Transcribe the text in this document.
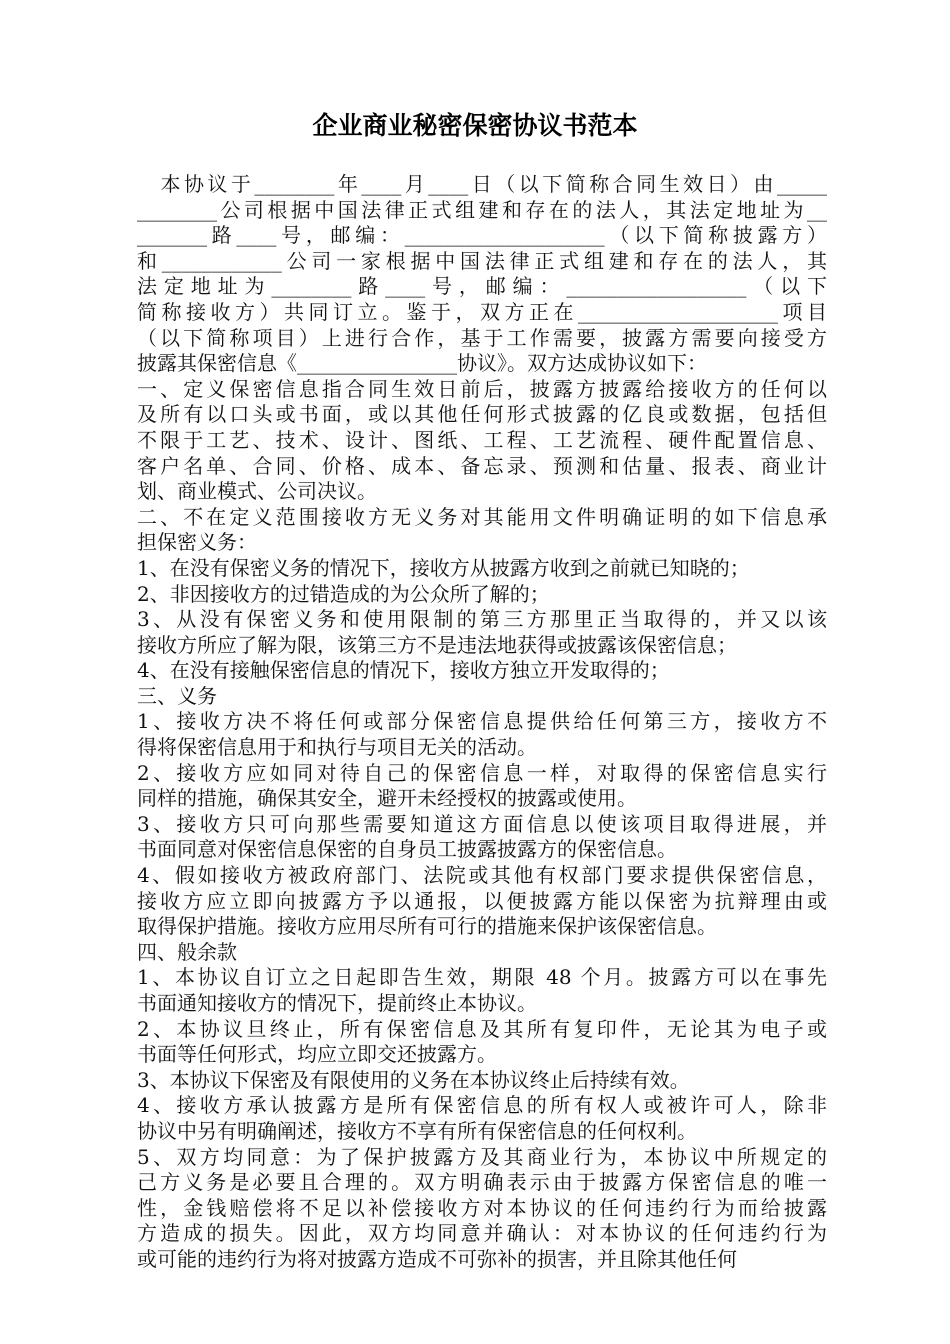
企业商业秘密保密协议书范本
　本协议于________年____月____日（以下简称合同生效日）由_____
________公司根据中国法律正式组建和存在的法人，其法定地址为__
_______路____号，邮编：____________________（以下简称披露方）
和____________公司一家根据中国法律正式组建和存在的法人，其
法定地址为________路____号，邮编：__________________（以下
简称接收方）共同订立。鉴于，双方正在____________________项目
（以下简称项目）上进行合作，基于工作需要，披露方需要向接受方
披露其保密信息《________________协议》。双方达成协议如下：
一、定义保密信息指合同生效日前后，披露方披露给接收方的任何以
及所有以口头或书面，或以其他任何形式披露的亿良或数据，包括但
不限于工艺、技术、设计、图纸、工程、工艺流程、硬件配置信息、
客户名单、合同、价格、成本、备忘录、预测和估量、报表、商业计
划、商业模式、公司决议。
二、不在定义范围接收方无义务对其能用文件明确证明的如下信息承
担保密义务：
1、在没有保密义务的情况下，接收方从披露方收到之前就已知晓的；
2、非因接收方的过错造成的为公众所了解的；
3、从没有保密义务和使用限制的第三方那里正当取得的，并又以该
接收方所应了解为限，该第三方不是违法地获得或披露该保密信息；
4、在没有接触保密信息的情况下，接收方独立开发取得的；
三、义务
1、接收方决不将任何或部分保密信息提供给任何第三方，接收方不
得将保密信息用于和执行与项目无关的活动。
2、接收方应如同对待自己的保密信息一样，对取得的保密信息实行
同样的措施，确保其安全，避开未经授权的披露或使用。
3、接收方只可向那些需要知道这方面信息以使该项目取得进展，并
书面同意对保密信息保密的自身员工披露披露方的保密信息。
4、假如接收方被政府部门、法院或其他有权部门要求提供保密信息，
接收方应立即向披露方予以通报，以便披露方能以保密为抗辩理由或
取得保护措施。接收方应用尽所有可行的措施来保护该保密信息。
四、般余款
1、本协议自订立之日起即告生效，期限 48 个月。披露方可以在事先
书面通知接收方的情况下，提前终止本协议。
2、本协议旦终止，所有保密信息及其所有复印件，无论其为电子或
书面等任何形式，均应立即交还披露方。
3、本协议下保密及有限使用的义务在本协议终止后持续有效。
4、接收方承认披露方是所有保密信息的所有权人或被许可人，除非
协议中另有明确阐述，接收方不享有所有保密信息的任何权利。
5、双方均同意：为了保护披露方及其商业行为，本协议中所规定的
己方义务是必要且合理的。双方明确表示由于披露方保密信息的唯一
性，金钱赔偿将不足以补偿接收方对本协议的任何违约行为而给披露
方造成的损失。因此，双方均同意并确认：对本协议的任何违约行为
或可能的违约行为将对披露方造成不可弥补的损害，并且除其他任何
